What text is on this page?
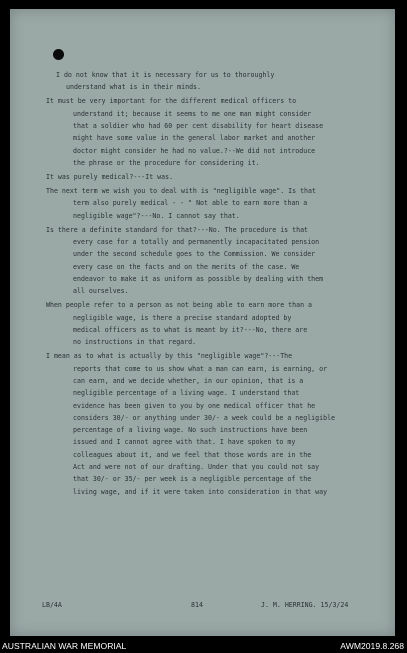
I do not know that it is necessary for us to thoroughly
understand what is in their minds.
It must be very important for the different medical officers to
understand it; because it seems to me one man might consider
that a soldier who had 60 per cent disability for heart disease
might have some value in the general labor market and another
doctor might consider he had no value.?--We did not introduce
the phrase or the procedure for considering it.
It was purely medical?---It was.
The next term we wish you to deal with is "negligible wage". Is that
term also purely medical - - " Not able to earn more than a
negligible wage"?---No. I cannot say that.
Is there a definite standard for that?---No. The procedure is that
every case for a totally and permanently incapacitated pension
under the second schedule goes to the Commission. We consider
every case on the facts and on the merits of the case. We
endeavor to make it as uniform as possible by dealing with them
all ourselves.
When people refer to a person as not being able to earn more than a
negligible wage, is there a precise standard adopted by
medical officers as to what is meant by it?---No, there are
no instructions in that regard.
I mean as to what is actually by this "negligible wage"?---The
reports that come to us show what a man can earn, is earning, or
can earn, and we decide whether, in our opinion, that is a
negligible percentage of a living wage. I understand that
evidence has been given to you by one medical officer that he
considers 30/- or anything under 30/- a week could be a negligible
percentage of a living wage. No such instructions have been
issued and I cannot agree with that. I have spoken to my
colleagues about it, and we feel that those words are in the
Act and were not of our drafting. Under that you could not say
that 30/- or 35/- per week is a negligible percentage of the
living wage, and if it were taken into consideration in that way
LB/4A	814	J. M. HERRING. 15/3/24
AUSTRALIAN WAR MEMORIAL	AWM2019.8.268
